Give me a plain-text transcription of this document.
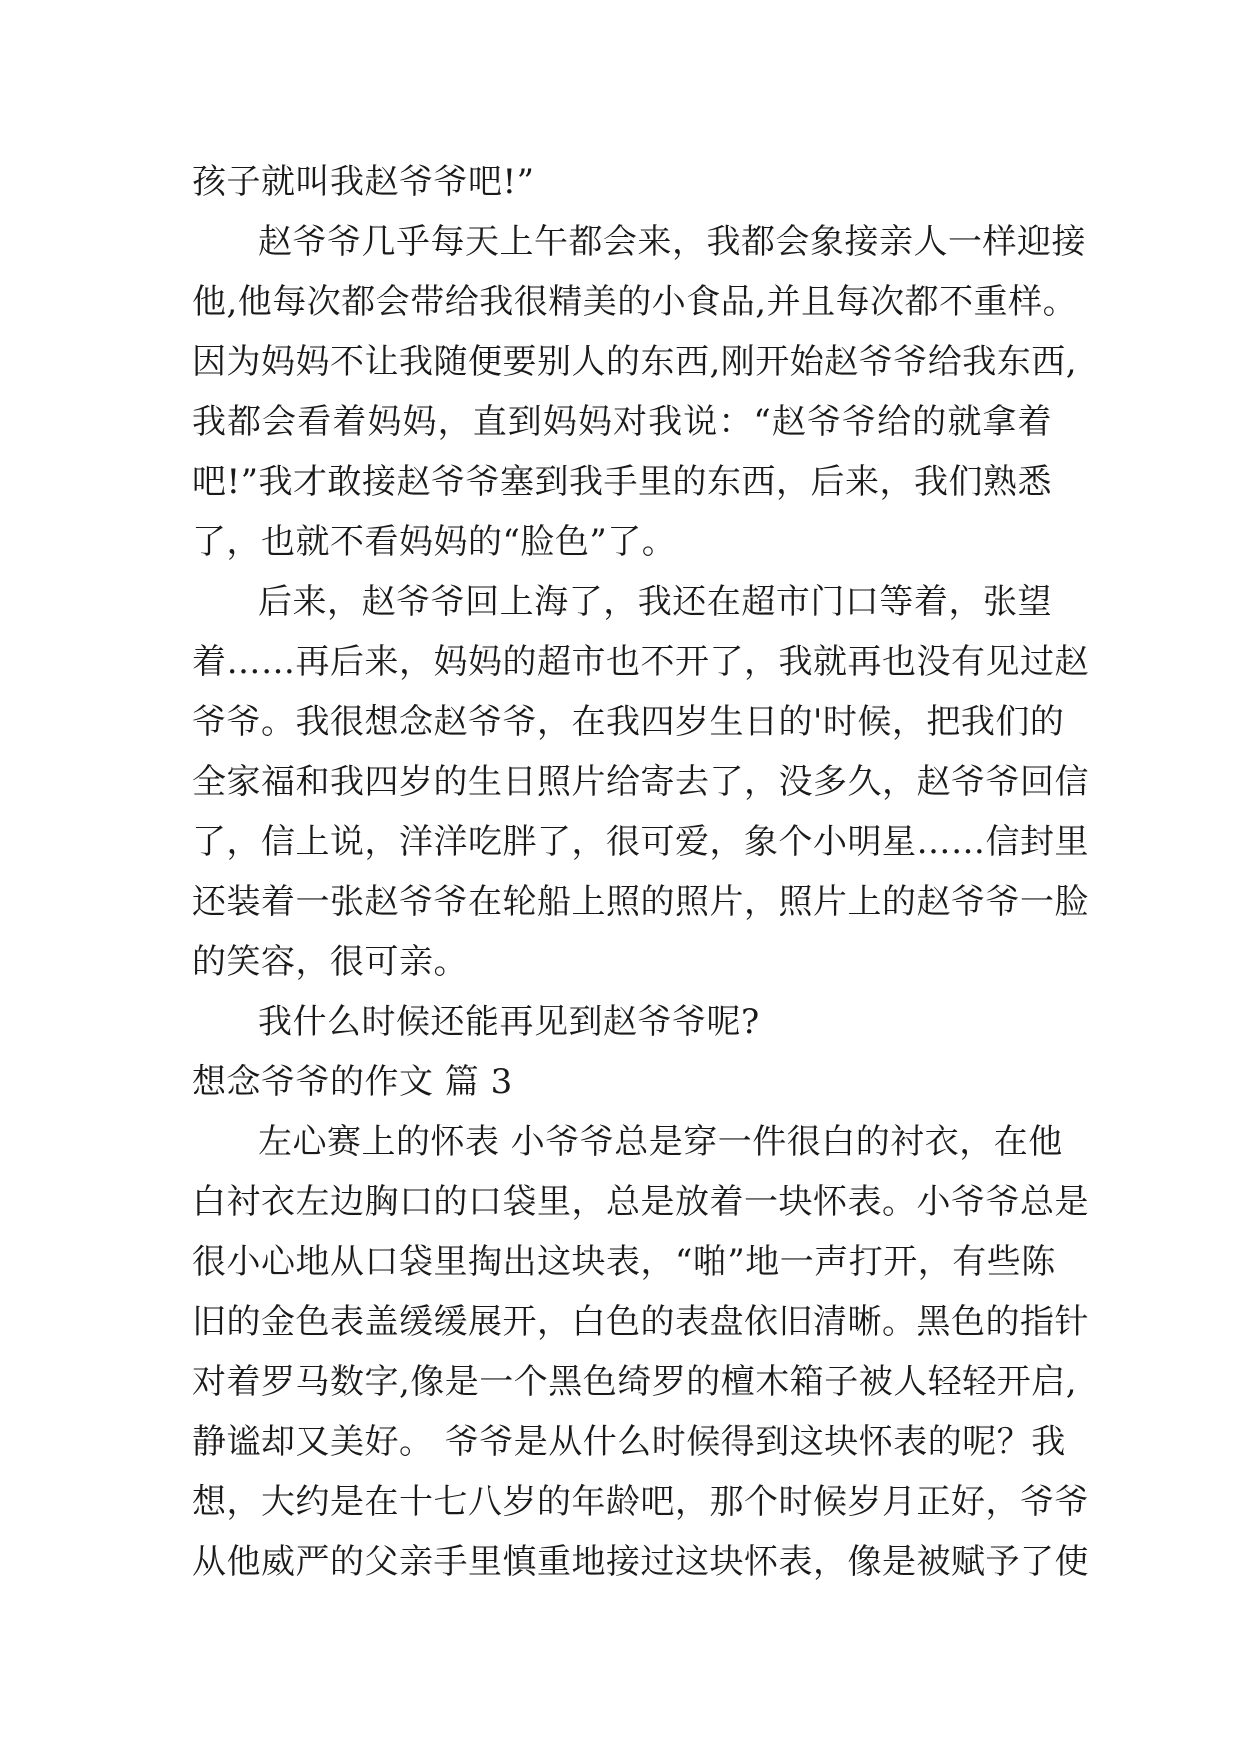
孩子就叫我赵爷爷吧!”
赵爷爷几乎每天上午都会来，我都会象接亲人一样迎接
他,他每次都会带给我很精美的小食品,并且每次都不重样。
因为妈妈不让我随便要别人的东西,刚开始赵爷爷给我东西,
我都会看着妈妈，直到妈妈对我说：“赵爷爷给的就拿着
吧!”我才敢接赵爷爷塞到我手里的东西，后来，我们熟悉
了，也就不看妈妈的“脸色”了。
后来，赵爷爷回上海了，我还在超市门口等着，张望
着……再后来，妈妈的超市也不开了，我就再也没有见过赵
爷爷。我很想念赵爷爷，在我四岁生日的'时候，把我们的
全家福和我四岁的生日照片给寄去了，没多久，赵爷爷回信
了，信上说，洋洋吃胖了，很可爱，象个小明星……信封里
还装着一张赵爷爷在轮船上照的照片，照片上的赵爷爷一脸
的笑容，很可亲。
我什么时候还能再见到赵爷爷呢?
想念爷爷的作文 篇 3
左心赛上的怀表 小爷爷总是穿一件很白的衬衣，在他
白衬衣左边胸口的口袋里，总是放着一块怀表。小爷爷总是
很小心地从口袋里掏出这块表，“啪”地一声打开，有些陈
旧的金色表盖缓缓展开，白色的表盘依旧清晰。黑色的指针
对着罗马数字,像是一个黑色绮罗的檀木箱子被人轻轻开启,
静谧却又美好。 爷爷是从什么时候得到这块怀表的呢？我
想，大约是在十七八岁的年龄吧，那个时候岁月正好，爷爷
从他威严的父亲手里慎重地接过这块怀表，像是被赋予了使
